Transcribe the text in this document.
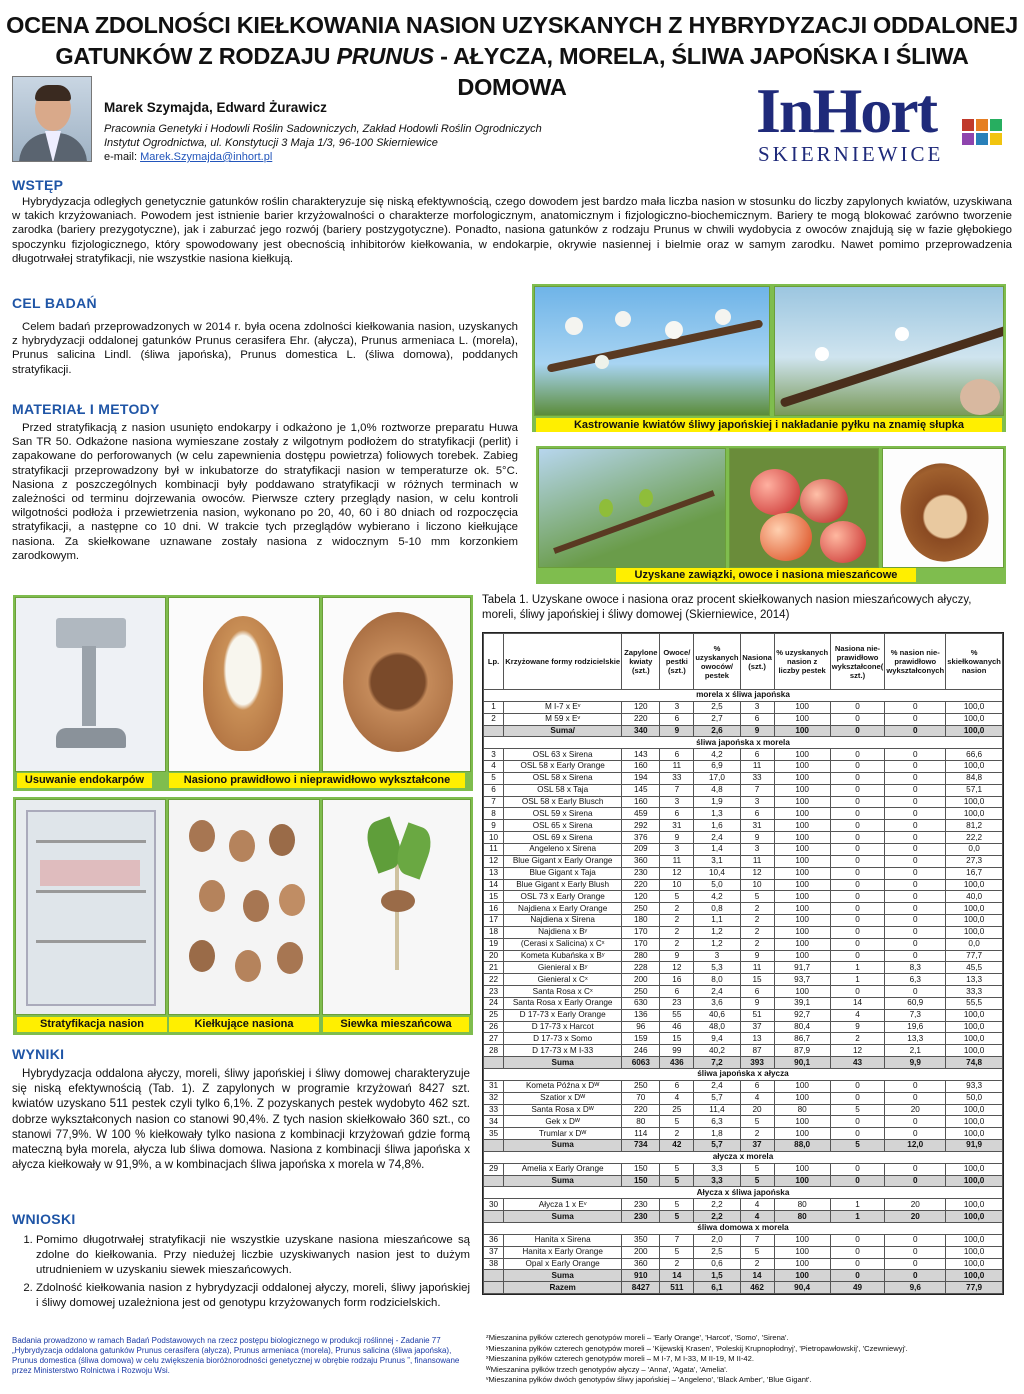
OCENA ZDOLNOŚCI KIEŁKOWANIA NASION UZYSKANYCH Z HYBRYDYZACJI ODDALONEJ
GATUNKÓW Z RODZAJU PRUNUS - AŁYCZA, MORELA, ŚLIWA JAPOŃSKA I ŚLIWA DOMOWA
Marek Szymajda, Edward Żurawicz
Pracownia Genetyki i Hodowli Roślin Sadowniczych, Zakład Hodowli Roślin Ogrodniczych
Instytut Ogrodnictwa, ul. Konstytucji 3 Maja 1/3, 96-100 Skierniewice
e-mail: Marek.Szymajda@inhort.pl
InHort
SKIERNIEWICE
WSTĘP
Hybrydyzacja odległych genetycznie gatunków roślin charakteryzuje się niską efektywnością, czego dowodem jest bardzo mała liczba nasion w stosunku do liczby zapylonych kwiatów, uzyskiwana w takich krzyżowaniach. Powodem jest istnienie barier krzyżowalności o charakterze morfologicznym, anatomicznym i fizjologiczno-biochemicznym. Bariery te mogą blokować zarówno tworzenie zarodka (bariery prezygotyczne), jak i zaburzać jego rozwój (bariery postzygotyczne). Ponadto, nasiona gatunków z rodzaju Prunus w chwili wydobycia z owoców znajdują się w fazie głębokiego spoczynku fizjologicznego, który spowodowany jest obecnością inhibitorów kiełkowania, w endokarpie, okrywie nasiennej i bielmie oraz w samym zarodku. Nawet pomimo przeprowadzenia długotrwałej stratyfikacji, nie wszystkie nasiona kiełkują.
CEL BADAŃ
Celem badań przeprowadzonych w 2014 r. była ocena zdolności kiełkowania nasion, uzyskanych z hybrydyzacji oddalonej gatunków Prunus cerasifera Ehr. (ałycza), Prunus armeniaca L. (morela), Prunus salicina Lindl. (śliwa japońska), Prunus domestica L. (śliwa domowa), poddanych stratyfikacji.
MATERIAŁ I METODY
Przed stratyfikacją z nasion usunięto endokarpy i odkażono je 1,0% roztworze preparatu Huwa San TR 50. Odkażone nasiona wymieszane zostały z wilgotnym podłożem do stratyfikacji (perlit) i zapakowane do perforowanych (w celu zapewnienia dostępu powietrza) foliowych torebek. Zabieg stratyfikacji przeprowadzony był w inkubatorze do stratyfikacji nasion w temperaturze ok. 5°C. Nasiona z poszczególnych kombinacji były poddawano stratyfikacji w różnych terminach w zależności od terminu dojrzewania owoców. Pierwsze cztery przeglądy nasion, w celu kontroli wilgotności podłoża i przewietrzenia nasion, wykonano po 20, 40, 60 i 80 dniach od rozpoczęcia stratyfikacji, a następne co 10 dni. W trakcie tych przeglądów wybierano i liczono kiełkujące nasiona. Za skiełkowane uznawane zostały nasiona z widocznym 5-10 mm korzonkiem zarodkowym.
Kastrowanie kwiatów śliwy japońskiej i nakładanie pyłku na znamię słupka
Uzyskane zawiązki, owoce i nasiona mieszańcowe
Usuwanie endokarpów	Nasiono prawidłowo i nieprawidłowo wykształcone
Stratyfikacja nasion	Kiełkujące nasiona	Siewka mieszańcowa
WYNIKI
Hybrydyzacja oddalona ałyczy, moreli, śliwy japońskiej i śliwy domowej charakteryzuje się niską efektywnością (Tab. 1). Z zapylonych w programie krzyżowań 8427 szt. kwiatów uzyskano 511 pestek czyli tylko 6,1%. Z pozyskanych pestek wydobyto 462 szt. dobrze wykształconych nasion co stanowi 90,4%. Z tych nasion skiełkowało 360 szt., co stanowi 77,9%. W 100 % kiełkowały tylko nasiona z kombinacji krzyżowań gdzie formą mateczną była morela, ałycza lub śliwa domowa. Nasiona z kombinacji śliwa japońska x ałycza kiełkowały w 91,9%, a w kombinacjach śliwa japońska x morela w 74,8%.
WNIOSKI
1. Pomimo długotrwałej stratyfikacji nie wszystkie uzyskane nasiona mieszańcowe są zdolne do kiełkowania. Przy niedużej liczbie uzyskiwanych nasion jest to dużym utrudnieniem w uzyskaniu siewek mieszańcowych.
2. Zdolność kiełkowania nasion z hybrydyzacji oddalonej ałyczy, moreli, śliwy japońskiej i śliwy domowej uzależniona jest od genotypu krzyżowanych form rodzicielskich.
Badania prowadzono w ramach Badań Podstawowych na rzecz postępu biologicznego w produkcji roślinnej - Zadanie 77 „Hybrydyzacja oddalona gatunków Prunus cerasifera (ałycza), Prunus armeniaca (morela), Prunus salicina (śliwa japońska), Prunus domestica (śliwa domowa) w celu zwiększenia bioróżnorodności genetycznej w obrębie rodzaju Prunus ”, finansowane przez Ministerstwo Rolnictwa i Rozwoju Wsi.
Tabela 1. Uzyskane owoce i nasiona oraz procent skiełkowanych nasion mieszańcowych ałyczy, moreli, śliwy japońskiej i śliwy domowej (Skierniewice, 2014)
Lp.	Krzyżowane formy rodzicielskie	Zapylone kwiaty (szt.)	Owoce/ pestki (szt.)	% uzyskanych owoców/ pestek	Nasiona (szt.)	% uzyskanych nasion z liczby pestek	Nasiona nie-prawidłowo wykształcone( szt.)	% nasion nie-prawidłowo wykształconych	% skiełkowanych nasion
morela x śliwa japońska									
1	M I-7 x Eᵛ	120	3	2,5	3	100	0	0	100,0
2	M 59 x Eᵛ	220	6	2,7	6	100	0	0	100,0
	Suma/	340	9	2,6	9	100	0	0	100,0
śliwa japońska x morela									
3	OSL 63 x Sirena	143	6	4,2	6	100	0	0	66,6
4	OSL 58 x Early Orange	160	11	6,9	11	100	0	0	100,0
5	OSL 58 x Sirena	194	33	17,0	33	100	0	0	84,8
6	OSL 58 x Taja	145	7	4,8	7	100	0	0	57,1
7	OSL 58 x Early Blusch	160	3	1,9	3	100	0	0	100,0
8	OSL 59 x Sirena	459	6	1,3	6	100	0	0	100,0
9	OSL 65 x Sirena	292	31	1,6	31	100	0	0	81,2
10	OSL 69 x Sirena	376	9	2,4	9	100	0	0	22,2
11	Angeleno x Sirena	209	3	1,4	3	100	0	0	0,0
12	Blue Gigant x Early Orange	360	11	3,1	11	100	0	0	27,3
13	Blue Gigant x Taja	230	12	10,4	12	100	0	0	16,7
14	Blue Gigant x Early Blush	220	10	5,0	10	100	0	0	100,0
15	OSL 73 x Early Orange	120	5	4,2	5	100	0	0	40,0
16	Najdiena x Early Orange	250	2	0,8	2	100	0	0	100,0
17	Najdiena x Sirena	180	2	1,1	2	100	0	0	100,0
18	Najdiena x Bʸ	170	2	1,2	2	100	0	0	100,0
19	(Cerasi x Salicina) x Cˣ	170	2	1,2	2	100	0	0	0,0
20	Kometa Kubańska x Bʸ	280	9	3	9	100	0	0	77,7
21	Gienieral x Bʸ	228	12	5,3	11	91,7	1	8,3	45,5
22	Gienieral x Cˣ	200	16	8,0	15	93,7	1	6,3	13,3
23	Santa Rosa x Cˣ	250	6	2,4	6	100	0	0	33,3
24	Santa Rosa x Early Orange	630	23	3,6	9	39,1	14	60,9	55,5
25	D 17-73 x Early Orange	136	55	40,6	51	92,7	4	7,3	100,0
26	D 17-73 x Harcot	96	46	48,0	37	80,4	9	19,6	100,0
27	D 17-73 x Somo	159	15	9,4	13	86,7	2	13,3	100,0
28	D 17-73 x M I-33	246	99	40,2	87	87,9	12	2,1	100,0
	Suma	6063	436	7,2	393	90,1	43	9,9	74,8
śliwa japońska x ałycza									
31	Kometa Późna x Dᵂ	250	6	2,4	6	100	0	0	93,3
32	Szatior x Dᵂ	70	4	5,7	4	100	0	0	50,0
33	Santa Rosa x Dᵂ	220	25	11,4	20	80	5	20	100,0
34	Gek x Dᵂ	80	5	6,3	5	100	0	0	100,0
35	Trumlar x Dᵂ	114	2	1,8	2	100	0	0	100,0
	Suma	734	42	5,7	37	88,0	5	12,0	91,9
ałycza x morela									
29	Amelia x Early Orange	150	5	3,3	5	100	0	0	100,0
	Suma	150	5	3,3	5	100	0	0	100,0
Ałycza x śliwa japońska									
30	Ałycza 1 x Eᵛ	230	5	2,2	4	80	1	20	100,0
	Suma	230	5	2,2	4	80	1	20	100,0
śliwa domowa x morela									
36	Hanita x Sirena	350	7	2,0	7	100	0	0	100,0
37	Hanita x Early Orange	200	5	2,5	5	100	0	0	100,0
38	Opal x Early Orange	360	2	0,6	2	100	0	0	100,0
	Suma	910	14	1,5	14	100	0	0	100,0
	Razem	8427	511	6,1	462	90,4	49	9,6	77,9
ᶻMieszanina pyłków czterech genotypów moreli – 'Early Orange', 'Harcot', 'Somo', 'Sirena'.
ʸMieszanina pyłków czterech genotypów moreli – 'Kijewskij Krasen', 'Poleskij Krupnopłodnyj', 'Pietropawłowskij', 'Czewniewyj'.
ˣMieszanina pyłków czterech genotypów moreli – M I-7, M I-33, M II-19, M II-42.
ᵂMieszanina pyłków trzech genotypów ałyczy – 'Anna', 'Agata', 'Amelia'.
ᵛMieszanina pyłków dwóch genotypów śliwy japońskiej – 'Angeleno', 'Black Amber', 'Blue Gigant'.
